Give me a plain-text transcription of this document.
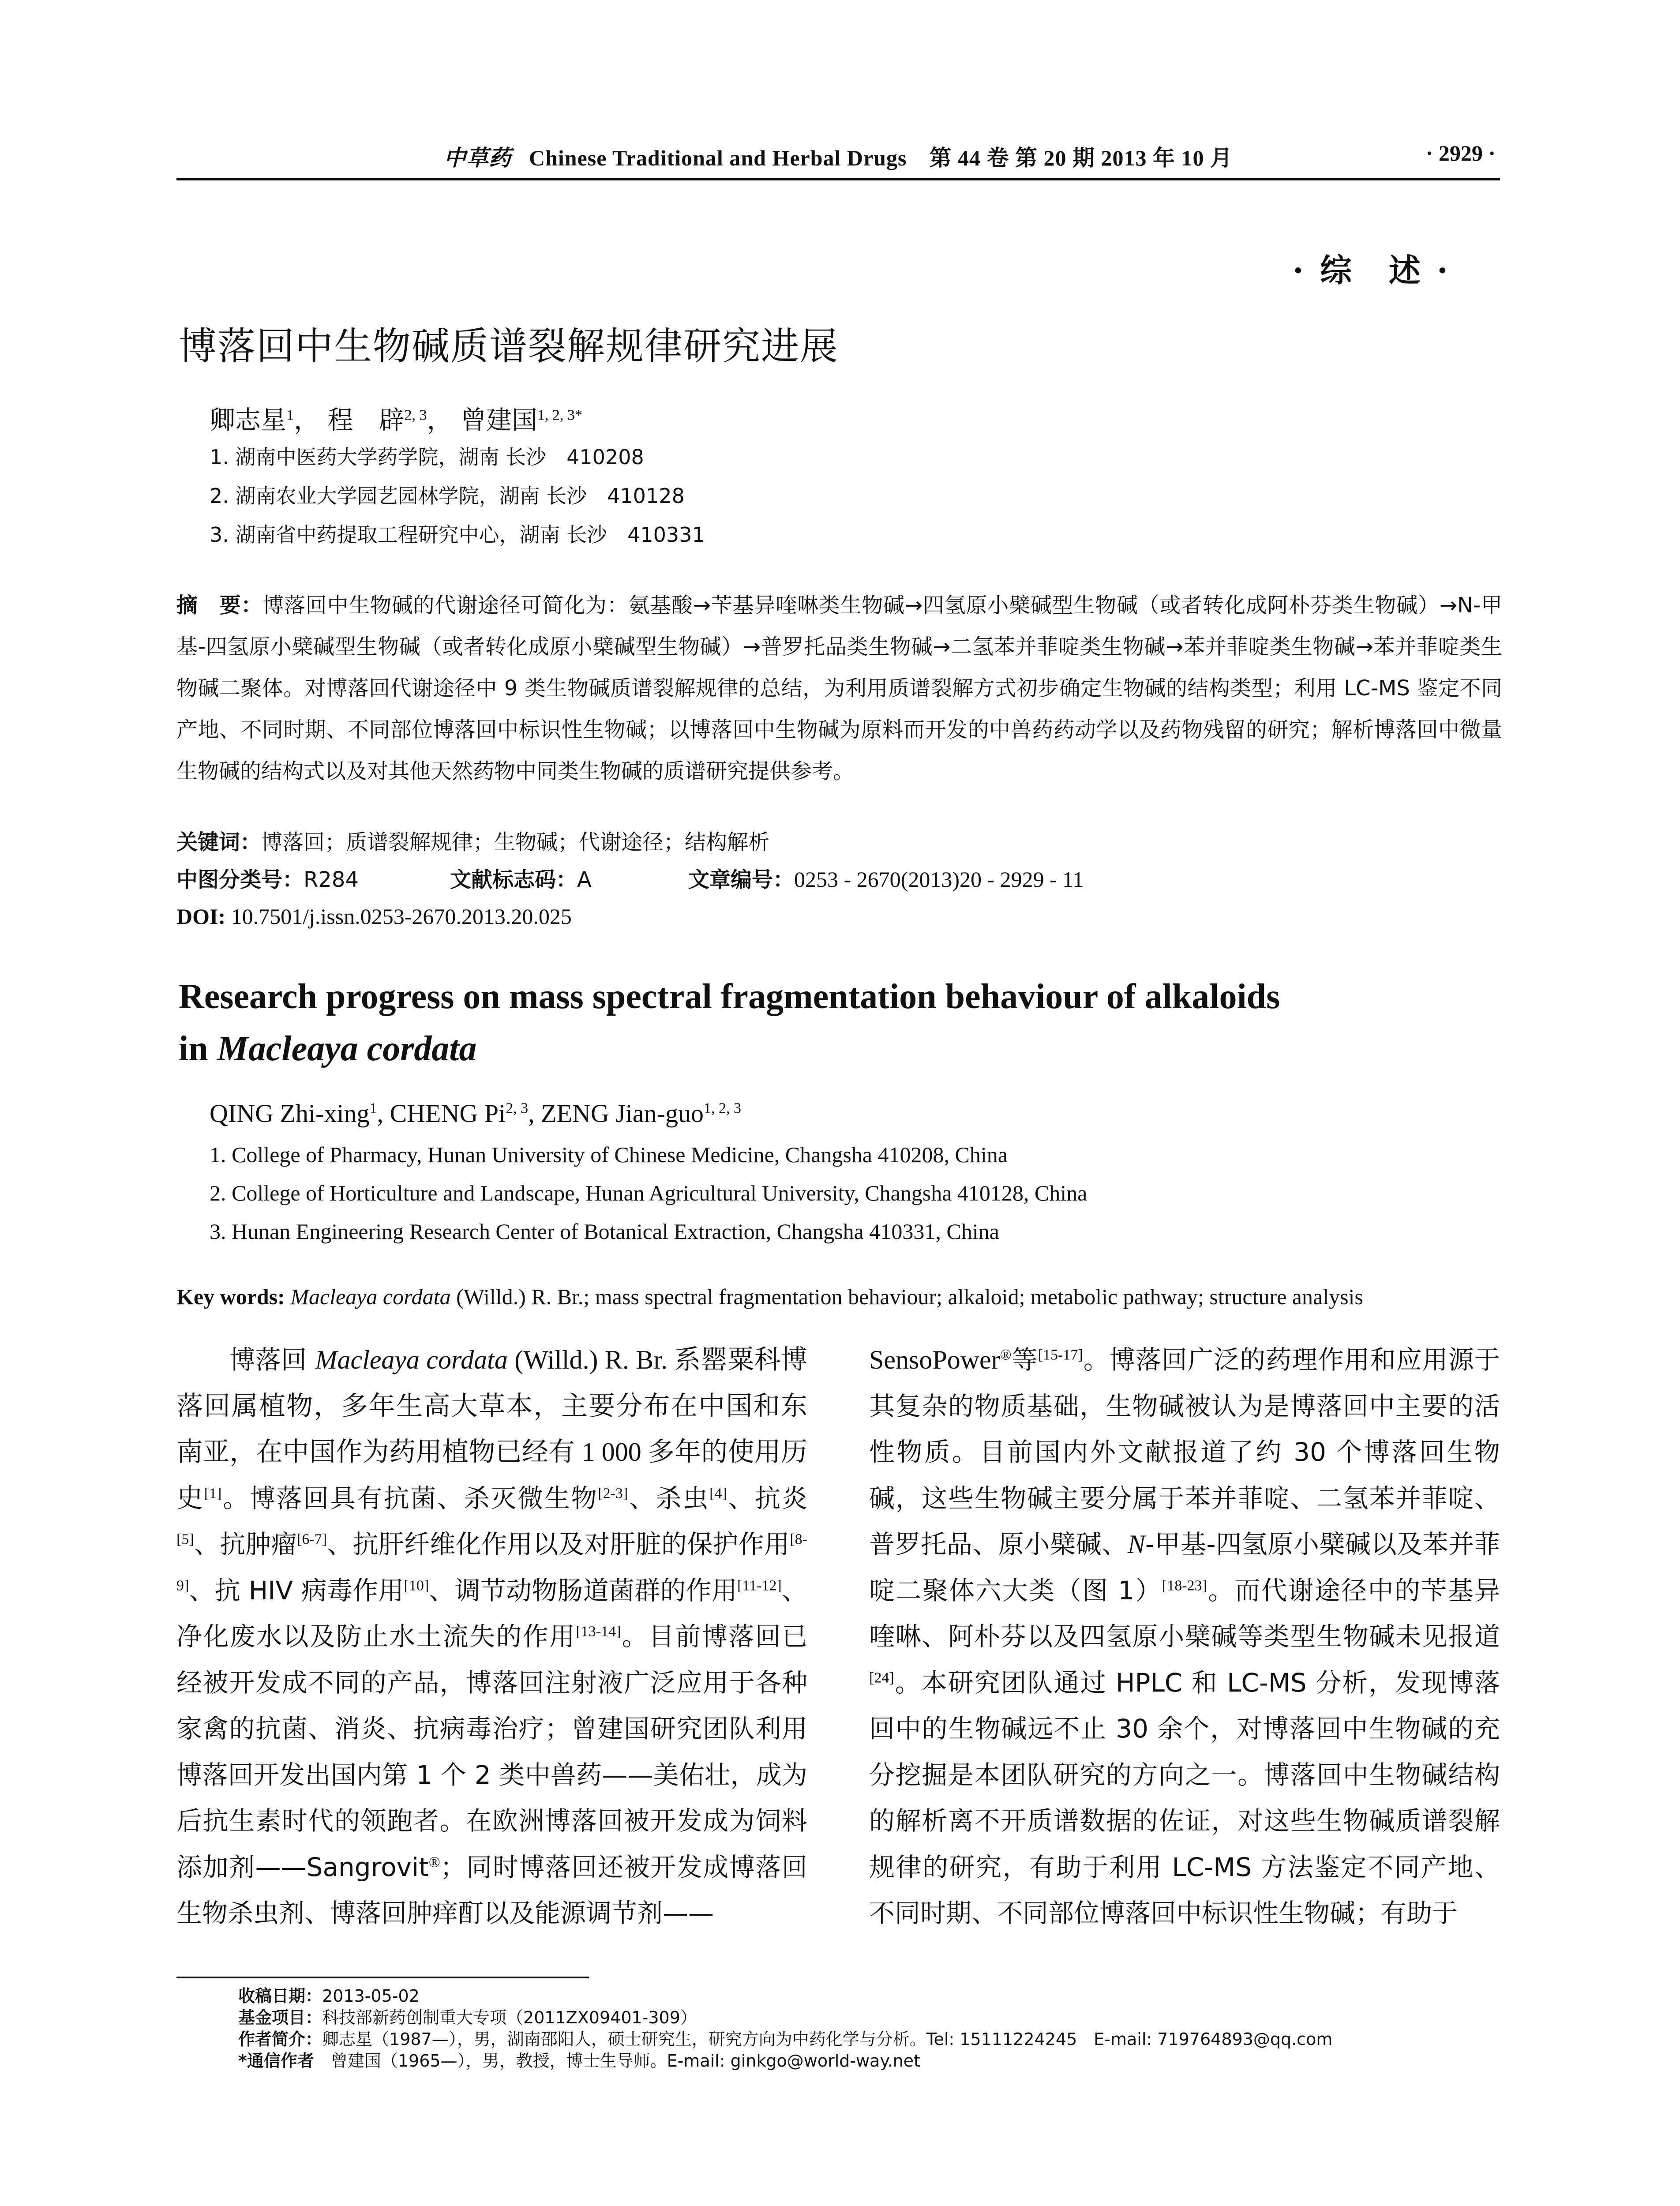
中草药 Chinese Traditional and Herbal Drugs　第 44 卷 第 20 期 2013 年 10 月	· 2929 ·
· 综　述 ·
博落回中生物碱质谱裂解规律研究进展
卿志星$^1$， 程　辟$^{2, 3}$， 曾建国$^{1, 2, 3*}$
1. 湖南中医药大学药学院，湖南 长沙　410208
2. 湖南农业大学园艺园林学院，湖南 长沙　410128
3. 湖南省中药提取工程研究中心，湖南 长沙　410331
摘　要：博落回中生物碱的代谢途径可简化为：氨基酸→苄基异喹啉类生物碱→四氢原小檗碱型生物碱（或者转化成阿朴芬类生物碱）→N-甲基-四氢原小檗碱型生物碱（或者转化成原小檗碱型生物碱）→普罗托品类生物碱→二氢苯并菲啶类生物碱→苯并菲啶类生物碱→苯并菲啶类生物碱二聚体。对博落回代谢途径中 9 类生物碱质谱裂解规律的总结，为利用质谱裂解方式初步确定生物碱的结构类型；利用 LC-MS 鉴定不同产地、不同时期、不同部位博落回中标识性生物碱；以博落回中生物碱为原料而开发的中兽药药动学以及药物残留的研究；解析博落回中微量生物碱的结构式以及对其他天然药物中同类生物碱的质谱研究提供参考。
关键词：博落回；质谱裂解规律；生物碱；代谢途径；结构解析
中图分类号：R284	文献标志码：A	文章编号：0253 - 2670(2013)20 - 2929 - 11
DOI: 10.7501/j.issn.0253-2670.2013.20.025
Research progress on mass spectral fragmentation behaviour of alkaloids
in Macleaya cordata
QING Zhi-xing$^1$, CHENG Pi$^{2, 3}$, ZENG Jian-guo$^{1, 2, 3}$
1. College of Pharmacy, Hunan University of Chinese Medicine, Changsha 410208, China
2. College of Horticulture and Landscape, Hunan Agricultural University, Changsha 410128, China
3. Hunan Engineering Research Center of Botanical Extraction, Changsha 410331, China
Key words: Macleaya cordata (Willd.) R. Br.; mass spectral fragmentation behaviour; alkaloid; metabolic pathway; structure analysis
博落回 Macleaya cordata (Willd.) R. Br. 系罂粟科博落回属植物，多年生高大草本，主要分布在中国和东南亚，在中国作为药用植物已经有 1 000 多年的使用历史[1]。博落回具有抗菌、杀灭微生物[2-3]、杀虫[4]、抗炎[5]、抗肿瘤[6-7]、抗肝纤维化作用以及对肝脏的保护作用[8-9]、抗 HIV 病毒作用[10]、调节动物肠道菌群的作用[11-12]、净化废水以及防止水土流失的作用[13-14]。目前博落回已经被开发成不同的产品，博落回注射液广泛应用于各种家禽的抗菌、消炎、抗病毒治疗；曾建国研究团队利用博落回开发出国内第 1 个 2 类中兽药——美佑壮，成为后抗生素时代的领跑者。在欧洲博落回被开发成为饲料添加剂——Sangrovit®；同时博落回还被开发成博落回生物杀虫剂、博落回肿痒酊以及能源调节剂——
SensoPower®等[15-17]。博落回广泛的药理作用和应用源于其复杂的物质基础，生物碱被认为是博落回中主要的活性物质。目前国内外文献报道了约 30 个博落回生物碱，这些生物碱主要分属于苯并菲啶、二氢苯并菲啶、普罗托品、原小檗碱、N-甲基-四氢原小檗碱以及苯并菲啶二聚体六大类（图 1）[18-23]。而代谢途径中的苄基异喹啉、阿朴芬以及四氢原小檗碱等类型生物碱未见报道[24]。本研究团队通过 HPLC 和 LC-MS 分析，发现博落回中的生物碱远不止 30 余个，对博落回中生物碱的充分挖掘是本团队研究的方向之一。博落回中生物碱结构的解析离不开质谱数据的佐证，对这些生物碱质谱裂解规律的研究，有助于利用 LC-MS 方法鉴定不同产地、不同时期、不同部位博落回中标识性生物碱；有助于
收稿日期：2013-05-02
基金项目：科技部新药创制重大专项（2011ZX09401-309）
作者简介：卿志星（1987—），男，湖南邵阳人，硕士研究生，研究方向为中药化学与分析。Tel: 15111224245　E-mail: 719764893@qq.com
*通信作者　曾建国（1965—），男，教授，博士生导师。E-mail: ginkgo@world-way.net
